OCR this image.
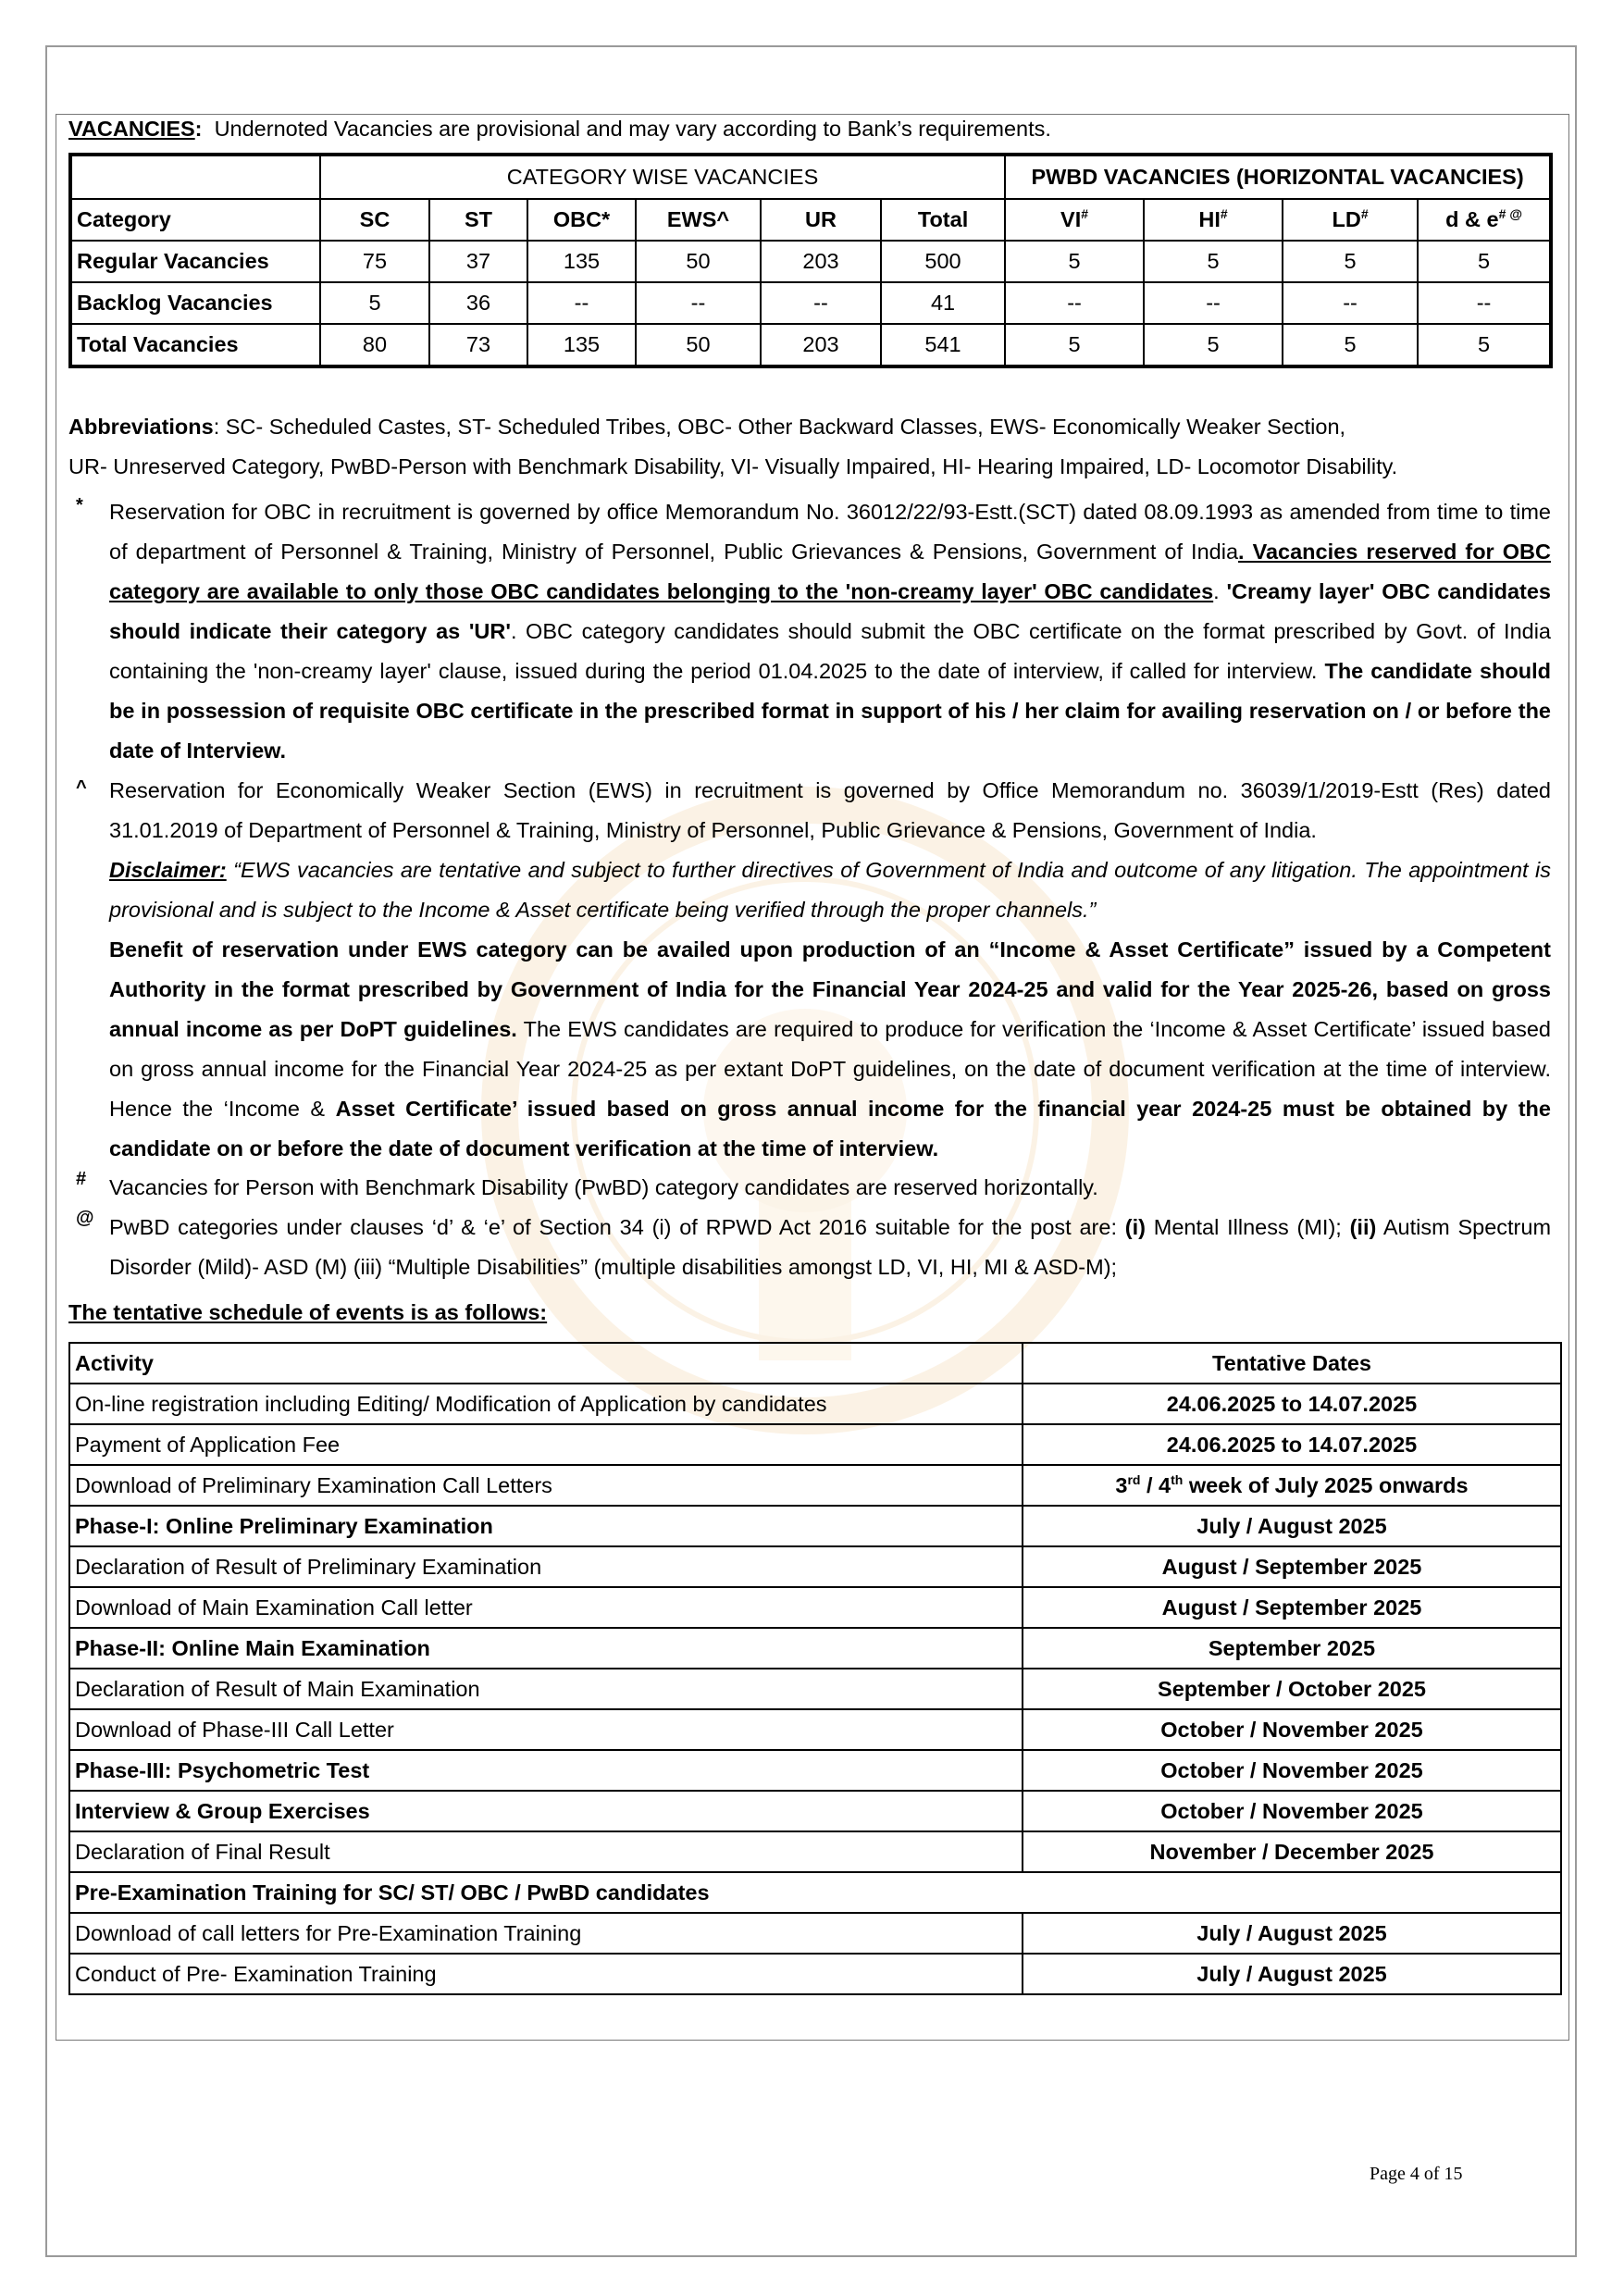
VACANCIES: Undernoted Vacancies are provisional and may vary according to Bank’s requirements.
	CATEGORY WISE VACANCIES						PWBD VACANCIES (HORIZONTAL VACANCIES)			
Category	SC	ST	OBC*	EWS^	UR	Total	VI#	HI#	LD#	d & e# @
Regular Vacancies	75	37	135	50	203	500	5	5	5	5
Backlog Vacancies	5	36	--	--	--	41	--	--	--	--
Total Vacancies	80	73	135	50	203	541	5	5	5	5
Abbreviations: SC- Scheduled Castes, ST- Scheduled Tribes, OBC- Other Backward Classes, EWS- Economically Weaker Section,
UR- Unreserved Category, PwBD-Person with Benchmark Disability, VI- Visually Impaired, HI- Hearing Impaired, LD- Locomotor Disability.
* Reservation for OBC in recruitment is governed by office Memorandum No. 36012/22/93-Estt.(SCT) dated 08.09.1993 as amended from time to time of department of Personnel & Training, Ministry of Personnel, Public Grievances & Pensions, Government of India. Vacancies reserved for OBC category are available to only those OBC candidates belonging to the 'non-creamy layer' OBC candidates. 'Creamy layer' OBC candidates should indicate their category as 'UR'. OBC category candidates should submit the OBC certificate on the format prescribed by Govt. of India containing the 'non-creamy layer' clause, issued during the period 01.04.2025 to the date of interview, if called for interview. The candidate should be in possession of requisite OBC certificate in the prescribed format in support of his / her claim for availing reservation on / or before the date of Interview.
^ Reservation for Economically Weaker Section (EWS) in recruitment is governed by Office Memorandum no. 36039/1/2019-Estt (Res) dated 31.01.2019 of Department of Personnel & Training, Ministry of Personnel, Public Grievance & Pensions, Government of India.
Disclaimer: “EWS vacancies are tentative and subject to further directives of Government of India and outcome of any litigation. The appointment is provisional and is subject to the Income & Asset certificate being verified through the proper channels.”
Benefit of reservation under EWS category can be availed upon production of an “Income & Asset Certificate” issued by a Competent Authority in the format prescribed by Government of India for the Financial Year 2024-25 and valid for the Year 2025-26, based on gross annual income as per DoPT guidelines. The EWS candidates are required to produce for verification the ‘Income & Asset Certificate’ issued based on gross annual income for the Financial Year 2024-25 as per extant DoPT guidelines, on the date of document verification at the time of interview. Hence the ‘Income & Asset Certificate’ issued based on gross annual income for the financial year 2024-25 must be obtained by the candidate on or before the date of document verification at the time of interview.
# Vacancies for Person with Benchmark Disability (PwBD) category candidates are reserved horizontally.
@ PwBD categories under clauses ‘d’ & ‘e’ of Section 34 (i) of RPWD Act 2016 suitable for the post are: (i) Mental Illness (MI); (ii) Autism Spectrum Disorder (Mild)- ASD (M) (iii) “Multiple Disabilities” (multiple disabilities amongst LD, VI, HI, MI & ASD-M);
The tentative schedule of events is as follows:
Activity	Tentative Dates
On-line registration including Editing/ Modification of Application by candidates	24.06.2025 to 14.07.2025
Payment of Application Fee	24.06.2025 to 14.07.2025
Download of Preliminary Examination Call Letters	3rd / 4th week of July 2025 onwards
Phase-I: Online Preliminary Examination	July / August 2025
Declaration of Result of Preliminary Examination	August / September 2025
Download of Main Examination Call letter	August / September 2025
Phase-II: Online Main Examination	September 2025
Declaration of Result of Main Examination	September / October 2025
Download of Phase-III Call Letter	October / November 2025
Phase-III: Psychometric Test	October / November 2025
Interview & Group Exercises	October / November 2025
Declaration of Final Result	November / December 2025
Pre-Examination Training for SC/ ST/ OBC / PwBD candidates	
Download of call letters for Pre-Examination Training	July / August 2025
Conduct of Pre- Examination Training	July / August 2025
Page 4 of 15
